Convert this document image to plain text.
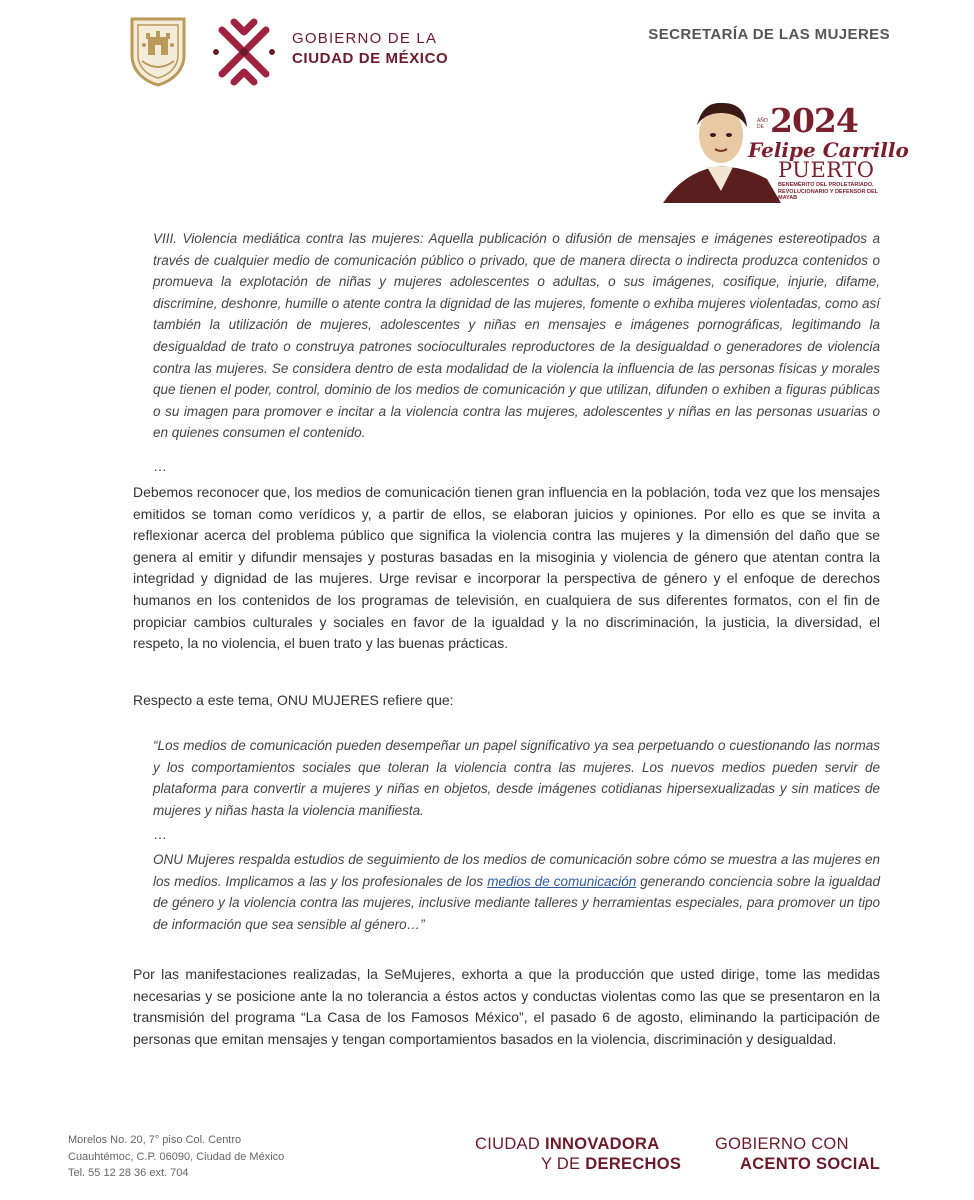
GOBIERNO DE LA
CIUDAD DE MÉXICO
SECRETARÍA DE LAS MUJERES
2024
AÑO DE
Felipe Carrillo
PUERTO
BENEMÉRITO DEL PROLETARIADO, REVOLUCIONARIO Y DEFENSOR DEL MAYAB
VIII. Violencia mediática contra las mujeres: Aquella publicación o difusión de mensajes e imágenes estereotipados a través de cualquier medio de comunicación público o privado, que de manera directa o indirecta produzca contenidos o promueva la explotación de niñas y mujeres adolescentes o adultas, o sus imágenes, cosifique, injurie, difame, discrimine, deshonre, humille o atente contra la dignidad de las mujeres, fomente o exhiba mujeres violentadas, como así también la utilización de mujeres, adolescentes y niñas en mensajes e imágenes pornográficas, legitimando la desigualdad de trato o construya patrones socioculturales reproductores de la desigualdad o generadores de violencia contra las mujeres. Se considera dentro de esta modalidad de la violencia la influencia de las personas físicas y morales que tienen el poder, control, dominio de los medios de comunicación y que utilizan, difunden o exhiben a figuras públicas o su imagen para promover e incitar a la violencia contra las mujeres, adolescentes y niñas en las personas usuarias o en quienes consumen el contenido.
…
Debemos reconocer que, los medios de comunicación tienen gran influencia en la población, toda vez que los mensajes emitidos se toman como verídicos y, a partir de ellos, se elaboran juicios y opiniones. Por ello es que se invita a reflexionar acerca del problema público que significa la violencia contra las mujeres y la dimensión del daño que se genera al emitir y difundir mensajes y posturas basadas en la misoginia y violencia de género que atentan contra la integridad y dignidad de las mujeres. Urge revisar e incorporar la perspectiva de género y el enfoque de derechos humanos en los contenidos de los programas de televisión, en cualquiera de sus diferentes formatos, con el fin de propiciar cambios culturales y sociales en favor de la igualdad y la no discriminación, la justicia, la diversidad, el respeto, la no violencia, el buen trato y las buenas prácticas.
Respecto a este tema, ONU MUJERES refiere que:
“Los medios de comunicación pueden desempeñar un papel significativo ya sea perpetuando o cuestionando las normas y los comportamientos sociales que toleran la violencia contra las mujeres. Los nuevos medios pueden servir de plataforma para convertir a mujeres y niñas en objetos, desde imágenes cotidianas hipersexualizadas y sin matices de mujeres y niñas hasta la violencia manifiesta.
…
ONU Mujeres respalda estudios de seguimiento de los medios de comunicación sobre cómo se muestra a las mujeres en los medios. Implicamos a las y los profesionales de los medios de comunicación generando conciencia sobre la igualdad de género y la violencia contra las mujeres, inclusive mediante talleres y herramientas especiales, para promover un tipo de información que sea sensible al género…”
Por las manifestaciones realizadas, la SeMujeres, exhorta a que la producción que usted dirige, tome las medidas necesarias y se posicione ante la no tolerancia a éstos actos y conductas violentas como las que se presentaron en la transmisión del programa “La Casa de los Famosos México”, el pasado 6 de agosto, eliminando la participación de personas que emitan mensajes y tengan comportamientos basados en la violencia, discriminación y desigualdad.
Morelos No. 20, 7° piso Col. Centro
Cuauhtémoc, C.P. 06090, Ciudad de México
Tel. 55 12 28 36 ext. 704
CIUDAD INNOVADORA
Y DE DERECHOS
GOBIERNO CON
ACENTO SOCIAL
